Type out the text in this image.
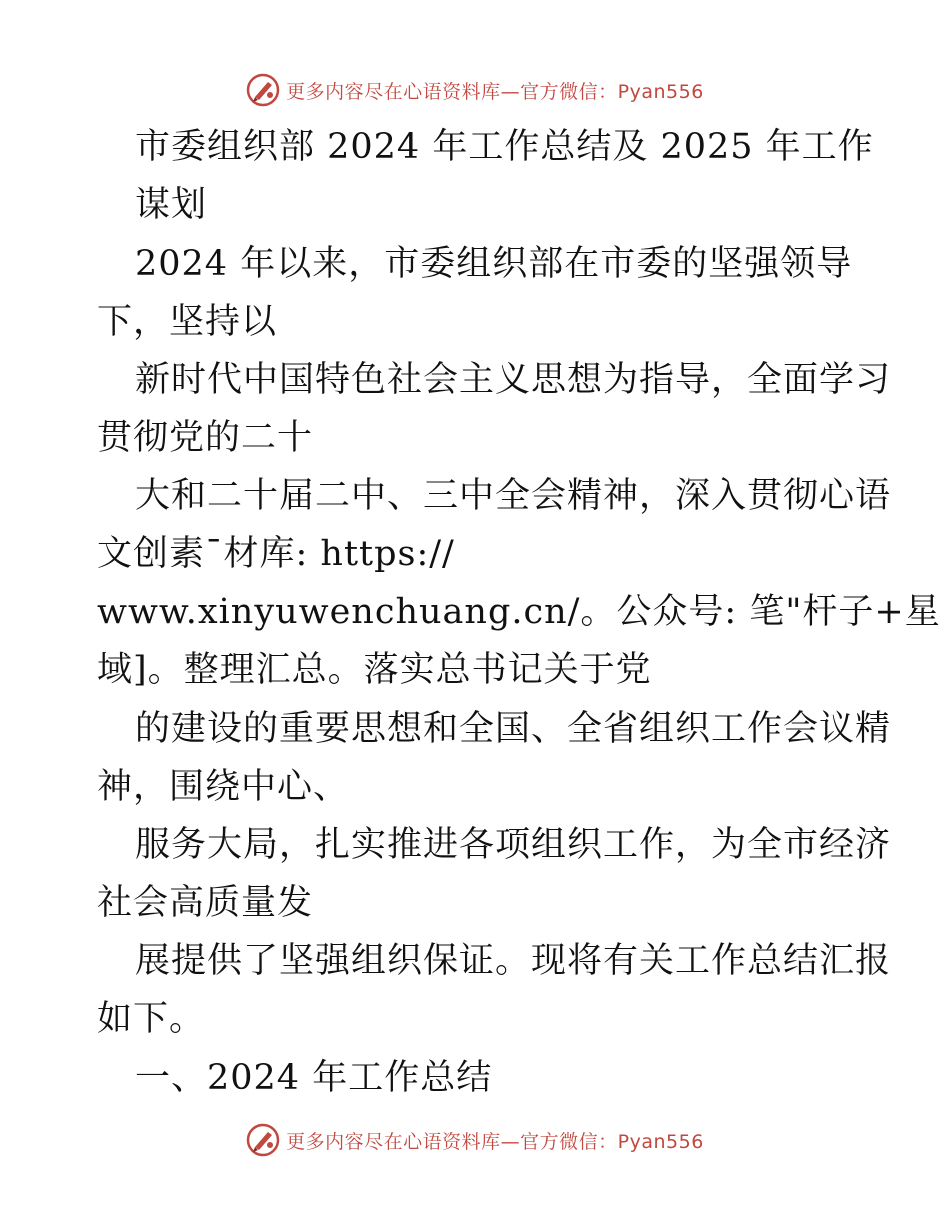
更多内容尽在心语资料库—官方微信：Pyan556
市委组织部 2024 年工作总结及 2025 年工作
谋划
2024 年以来，市委组织部在市委的坚强领导
下，坚持以
新时代中国特色社会主义思想为指导，全面学习
贯彻党的二十
大和二十届二中、三中全会精神，深入贯彻心语
文创素¯材库: https://
www.xinyuwenchuang.cn/。公众号: 笔"杆子+星
域]。整理汇总。落实总书记关于党
的建设的重要思想和全国、全省组织工作会议精
神，围绕中心、
服务大局，扎实推进各项组织工作，为全市经济
社会高质量发
展提供了坚强组织保证。现将有关工作总结汇报
如下。
一、2024 年工作总结
更多内容尽在心语资料库—官方微信：Pyan556
